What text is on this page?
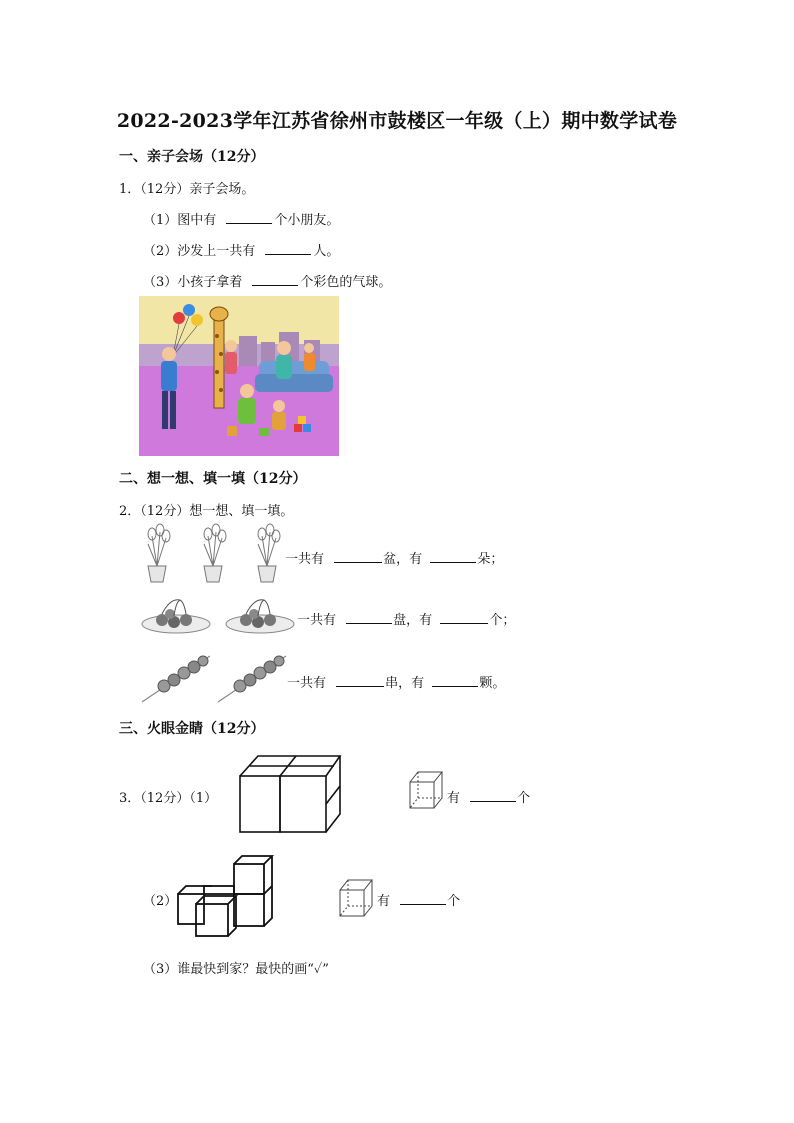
2022-2023学年江苏省徐州市鼓楼区一年级（上）期中数学试卷
一、亲子会场（12分）
1．（12分）亲子会场。
（1）图中有	个小朋友。
（2）沙发上一共有	人。
（3）小孩子拿着	个彩色的气球。
二、想一想、填一填（12分）
2．（12分）想一想、填一填。
一共有	盆，有	朵；
一共有	盘，有	个；
一共有	串，有	颗。
三、火眼金睛（12分）
3．（12分）（1）	有	个
（2）	有	个
（3）谁最快到家？最快的画“✓”
